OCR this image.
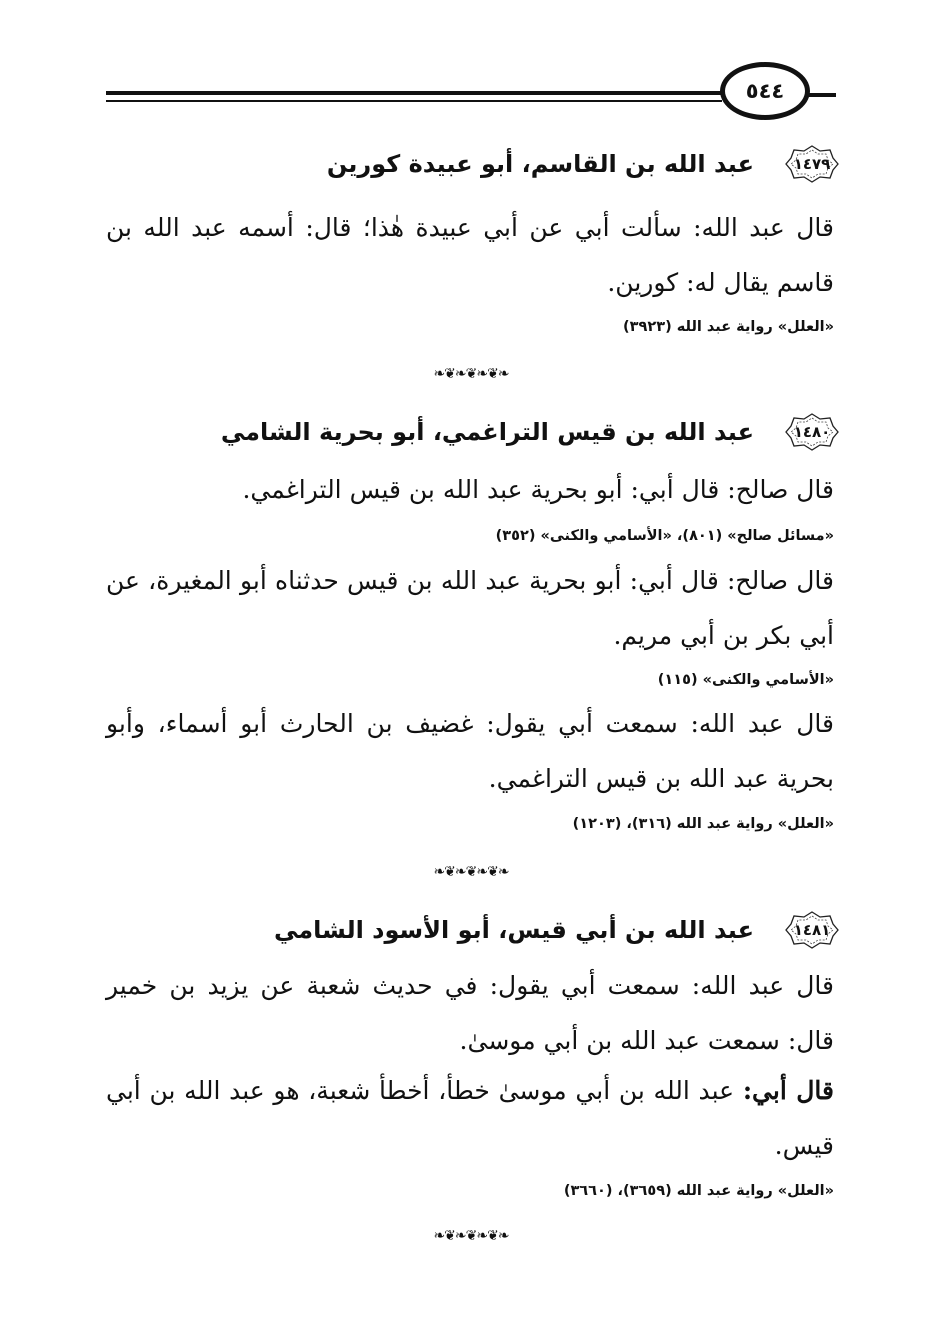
٥٤٤
١٤٧٩
عبد الله بن القاسم، أبو عبيدة كورين
قال عبد الله: سألت أبي عن أبي عبيدة هٰذا؛ قال: أسمه عبد الله بن قاسم يقال له: كورين.
«العلل» رواية عبد الله (٣٩٢٣)
❧❦❧❦❧❦❧
١٤٨٠
عبد الله بن قيس التراغمي، أبو بحرية الشامي
قال صالح: قال أبي: أبو بحرية عبد الله بن قيس التراغمي.
«مسائل صالح» (٨٠١)، «الأسامي والكنى» (٣٥٢)
قال صالح: قال أبي: أبو بحرية عبد الله بن قيس حدثناه أبو المغيرة، عن أبي بكر بن أبي مريم.
«الأسامي والكنى» (١١٥)
قال عبد الله: سمعت أبي يقول: غضيف بن الحارث أبو أسماء، وأبو بحرية عبد الله بن قيس التراغمي.
«العلل» رواية عبد الله (٣١٦)، (١٢٠٣)
❧❦❧❦❧❦❧
١٤٨١
عبد الله بن أبي قيس، أبو الأسود الشامي
قال عبد الله: سمعت أبي يقول: في حديث شعبة عن يزيد بن خمير قال: سمعت عبد الله بن أبي موسىٰ.
قال أبي: عبد الله بن أبي موسىٰ خطأ، أخطأ شعبة، هو عبد الله بن أبي قيس.
«العلل» رواية عبد الله (٣٦٥٩)، (٣٦٦٠)
❧❦❧❦❧❦❧
